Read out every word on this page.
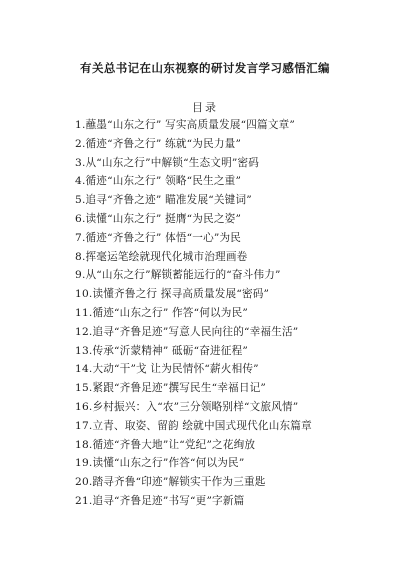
有关总书记在山东视察的研讨发言学习感悟汇编
目录
1.蘸墨“山东之行” 写实高质量发展“四篇文章”
2.循迹“齐鲁之行” 练就“为民力量”
3.从“山东之行”中解锁“生态文明”密码
4.循迹“山东之行” 领略“民生之重”
5.追寻“齐鲁之迹” 瞄准发展“关键词”
6.读懂“山东之行” 挺膺“为民之姿”
7.循迹“齐鲁之行” 体悟“一心”为民
8.挥毫运笔绘就现代化城市治理画卷
9.从“山东之行”解锁蓄能远行的“奋斗伟力”
10.读懂齐鲁之行 探寻高质量发展“密码”
11.循迹“山东之行” 作答“何以为民”
12.追寻“齐鲁足迹”写意人民向往的“幸福生活”
13.传承“沂蒙精神” 砥砺“奋进征程”
14.大动“干”戈 让为民情怀“薪火相传”
15.紧跟“齐鲁足迹”撰写民生“幸福日记”
16.乡村振兴：入“农”三分领略别样“文旅风情”
17.立青、取姿、留韵 绘就中国式现代化山东篇章
18.循迹“齐鲁大地”让“党纪”之花绚放
19.读懂“山东之行”作答“何以为民”
20.踏寻齐鲁“印迹”解锁实干作为三重匙
21.追寻“齐鲁足迹”书写“更”字新篇
